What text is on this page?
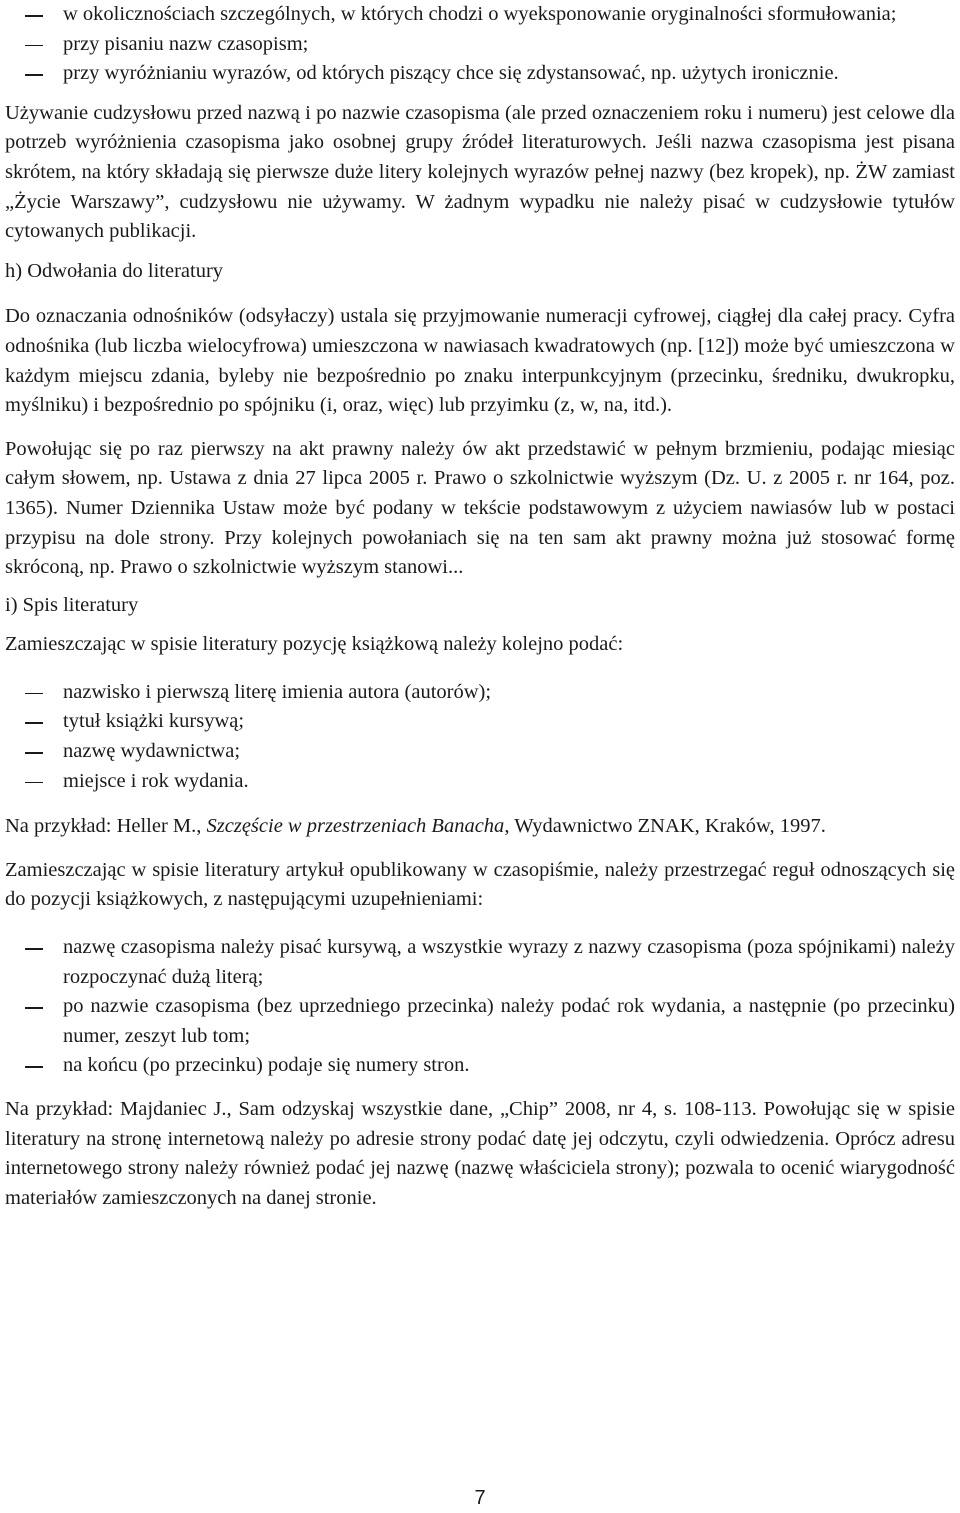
w okolicznościach szczególnych, w których chodzi o wyeksponowanie oryginalności sformułowania;
przy pisaniu nazw czasopism;
przy wyróżnianiu wyrazów, od których piszący chce się zdystansować, np. użytych ironicznie.

Używanie cudzysłowu przed nazwą i po nazwie czasopisma (ale przed oznaczeniem roku i numeru) jest celowe dla potrzeb wyróżnienia czasopisma jako osobnej grupy źródeł literaturowych. Jeśli nazwa czasopisma jest pisana skrótem, na który składają się pierwsze duże litery kolejnych wyrazów pełnej nazwy (bez kropek), np. ŻW zamiast „Życie Warszawy”, cudzysłowu nie używamy. W żadnym wypadku nie należy pisać w cudzysłowie tytułów cytowanych publikacji.

h) Odwołania do literatury

Do oznaczania odnośników (odsyłaczy) ustala się przyjmowanie numeracji cyfrowej, ciągłej dla całej pracy. Cyfra odnośnika (lub liczba wielocyfrowa) umieszczona w nawiasach kwadratowych (np. [12]) może być umieszczona w każdym miejscu zdania, byleby nie bezpośrednio po znaku interpunkcyjnym (przecinku, średniku, dwukropku, myślniku) i bezpośrednio po spójniku (i, oraz, więc) lub przyimku (z, w, na, itd.).

Powołując się po raz pierwszy na akt prawny należy ów akt przedstawić w pełnym brzmieniu, podając miesiąc całym słowem, np. Ustawa z dnia 27 lipca 2005 r. Prawo o szkolnictwie wyższym (Dz. U. z 2005 r. nr 164, poz. 1365). Numer Dziennika Ustaw może być podany w tekście podstawowym z użyciem nawiasów lub w postaci przypisu na dole strony. Przy kolejnych powołaniach się na ten sam akt prawny można już stosować formę skróconą, np. Prawo o szkolnictwie wyższym stanowi...

i) Spis literatury

Zamieszczając w spisie literatury pozycję książkową należy kolejno podać:

nazwisko i pierwszą literę imienia autora (autorów);
tytuł książki kursywą;
nazwę wydawnictwa;
miejsce i rok wydania.

Na przykład: Heller M., Szczęście w przestrzeniach Banacha, Wydawnictwo ZNAK, Kraków, 1997.

Zamieszczając w spisie literatury artykuł opublikowany w czasopiśmie, należy przestrzegać reguł odnoszących się do pozycji książkowych, z następującymi uzupełnieniami:

nazwę czasopisma należy pisać kursywą, a wszystkie wyrazy z nazwy czasopisma (poza spójnikami) należy rozpoczynać dużą literą;
po nazwie czasopisma (bez uprzedniego przecinka) należy podać rok wydania, a następnie (po przecinku) numer, zeszyt lub tom;
na końcu (po przecinku) podaje się numery stron.

Na przykład: Majdaniec J., Sam odzyskaj wszystkie dane, „Chip” 2008, nr 4, s. 108-113. Powołując się w spisie literatury na stronę internetową należy po adresie strony podać datę jej odczytu, czyli odwiedzenia. Oprócz adresu internetowego strony należy również podać jej nazwę (nazwę właściciela strony); pozwala to ocenić wiarygodność materiałów zamieszczonych na danej stronie.

7
